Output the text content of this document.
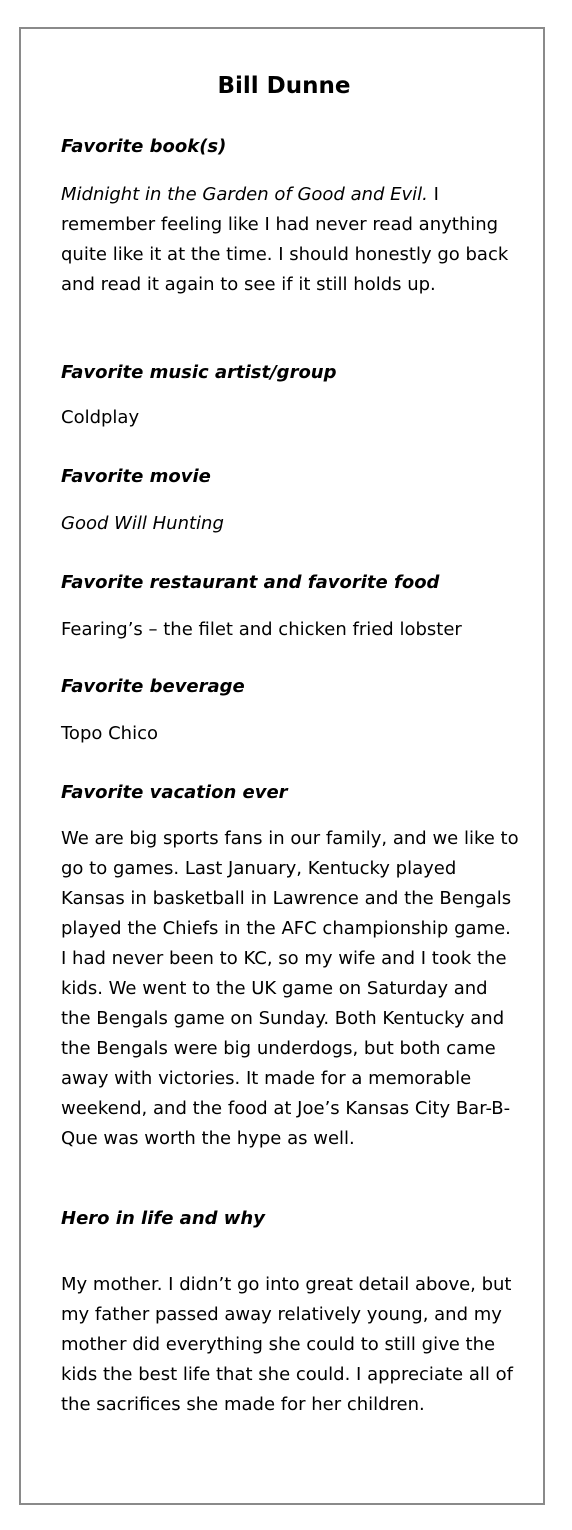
Bill Dunne

Favorite book(s)

Midnight in the Garden of Good and Evil. I remember feeling like I had never read anything quite like it at the time. I should honestly go back and read it again to see if it still holds up.

Favorite music artist/group

Coldplay

Favorite movie

Good Will Hunting

Favorite restaurant and favorite food

Fearing’s – the filet and chicken fried lobster

Favorite beverage

Topo Chico

Favorite vacation ever

We are big sports fans in our family, and we like to go to games. Last January, Kentucky played Kansas in basketball in Lawrence and the Bengals played the Chiefs in the AFC championship game. I had never been to KC, so my wife and I took the kids. We went to the UK game on Saturday and the Bengals game on Sunday. Both Kentucky and the Bengals were big underdogs, but both came away with victories. It made for a memorable weekend, and the food at Joe’s Kansas City Bar-B-Que was worth the hype as well.

Hero in life and why

My mother. I didn’t go into great detail above, but my father passed away relatively young, and my mother did everything she could to still give the kids the best life that she could. I appreciate all of the sacrifices she made for her children.
